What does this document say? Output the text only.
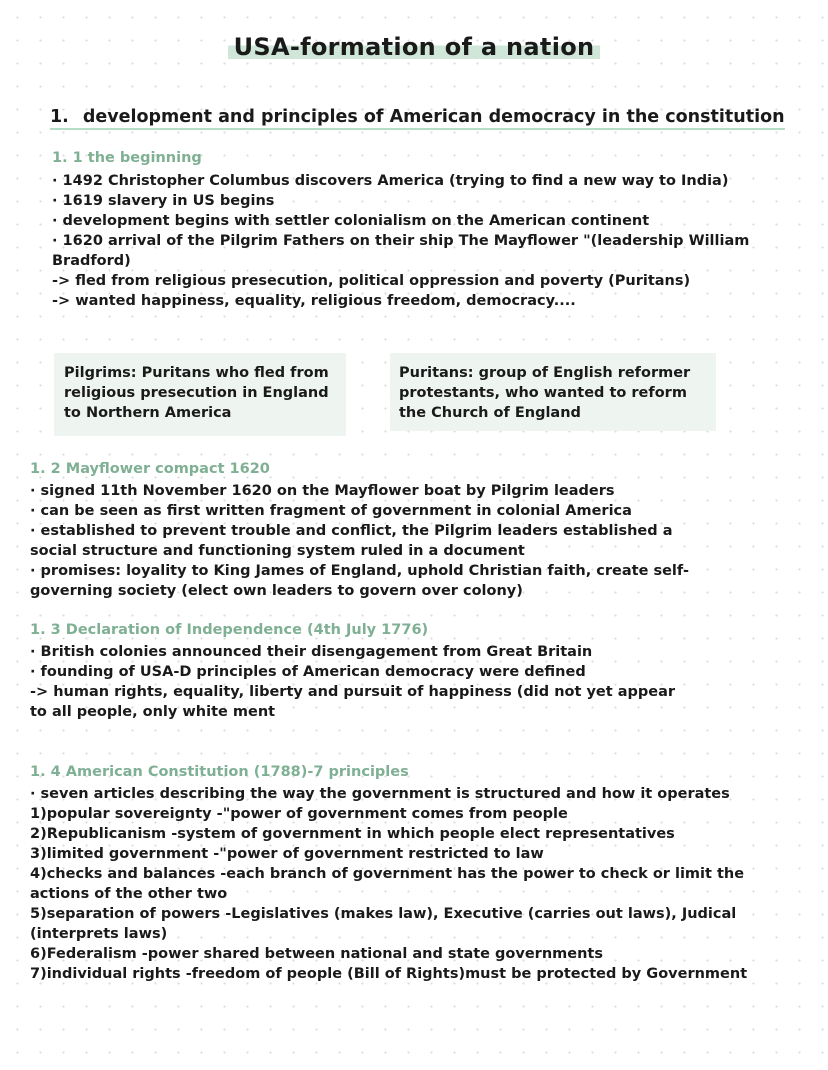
USA-formation of a nation
1. development and principles of American democracy in the constitution
1. 1 the beginning
· 1492 Christopher Columbus discovers America (trying to find a new way to India)
· 1619 slavery in US begins
· development begins with settler colonialism on the American continent
· 1620 arrival of the Pilgrim Fathers on their ship The Mayflower "(leadership William Bradford)
-> fled from religious presecution, political oppression and poverty (Puritans)
-> wanted happiness, equality, religious freedom, democracy....
Pilgrims: Puritans who fled from religious presecution in England to Northern America
Puritans: group of English reformer protestants, who wanted to reform the Church of England
1. 2 Mayflower compact 1620
· signed 11th November 1620 on the Mayflower boat by Pilgrim leaders
· can be seen as first written fragment of government in colonial America
· established to prevent trouble and conflict, the Pilgrim leaders established a social structure and functioning system ruled in a document
· promises: loyality to King James of England, uphold Christian faith, create self-governing society (elect own leaders to govern over colony)
1. 3 Declaration of Independence (4th July 1776)
· British colonies announced their disengagement from Great Britain
· founding of USA-D principles of American democracy were defined
-> human rights, equality, liberty and pursuit of happiness (did not yet appear to all people, only white ment
1. 4 American Constitution (1788)-7 principles
· seven articles describing the way the government is structured and how it operates
1)popular sovereignty -"power of government comes from people
2)Republicanism -system of government in which people elect representatives
3)limited government -"power of government restricted to law
4)checks and balances -each branch of government has the power to check or limit the actions of the other two
5)separation of powers -Legislatives (makes law), Executive (carries out laws), Judical (interprets laws)
6)Federalism -power shared between national and state governments
7)individual rights -freedom of people (Bill of Rights)must be protected by Government
